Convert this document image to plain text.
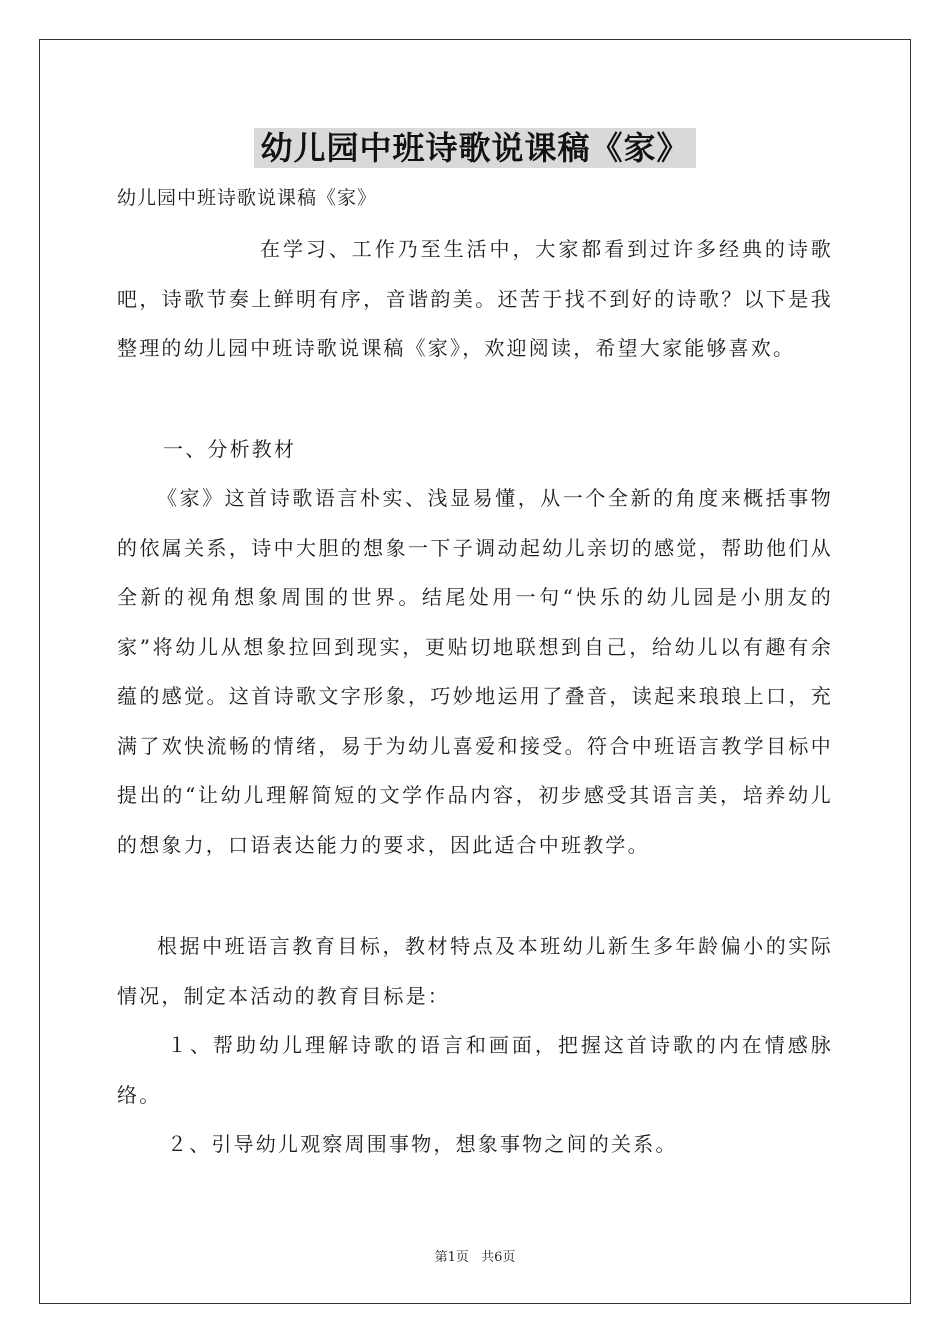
幼儿园中班诗歌说课稿《家》
幼儿园中班诗歌说课稿《家》

在学习、工作乃至生活中，大家都看到过许多经典的诗歌吧，诗歌节奏上鲜明有序，音谐韵美。还苦于找不到好的诗歌？以下是我整理的幼儿园中班诗歌说课稿《家》，欢迎阅读，希望大家能够喜欢。

一、分析教材

《家》这首诗歌语言朴实、浅显易懂，从一个全新的角度来概括事物的依属关系，诗中大胆的想象一下子调动起幼儿亲切的感觉，帮助他们从全新的视角想象周围的世界。结尾处用一句“快乐的幼儿园是小朋友的家”将幼儿从想象拉回到现实，更贴切地联想到自己，给幼儿以有趣有余蕴的感觉。这首诗歌文字形象，巧妙地运用了叠音，读起来琅琅上口，充满了欢快流畅的情绪，易于为幼儿喜爱和接受。符合中班语言教学目标中提出的“让幼儿理解简短的文学作品内容，初步感受其语言美，培养幼儿的想象力，口语表达能力的要求，因此适合中班教学。

根据中班语言教育目标，教材特点及本班幼儿新生多年龄偏小的实际情况，制定本活动的教育目标是：

１、帮助幼儿理解诗歌的语言和画面，把握这首诗歌的内在情感脉络。

２、引导幼儿观察周围事物，想象事物之间的关系。

第1页 共6页
